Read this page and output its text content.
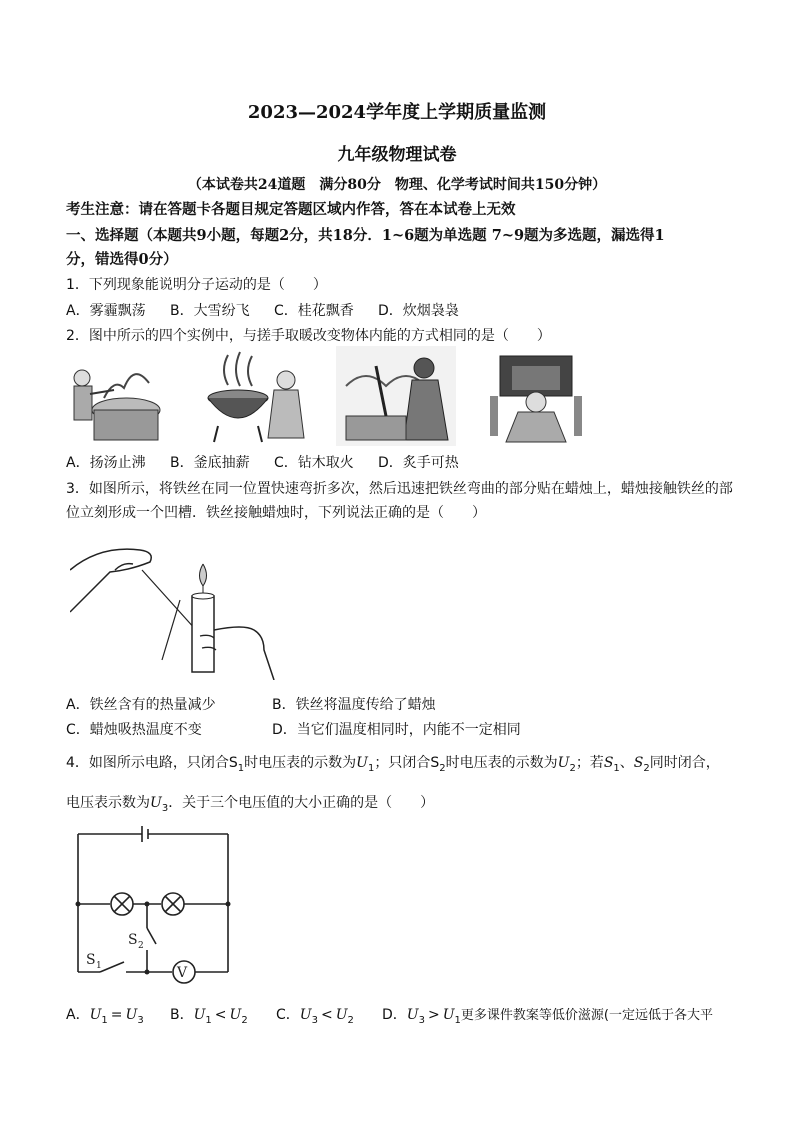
2023—2024学年度上学期质量监测
九年级物理试卷
（本试卷共24道题　满分80分　物理、化学考试时间共150分钟）
考生注意：请在答题卡各题目规定答题区域内作答，答在本试卷上无效
一、选择题（本题共9小题，每题2分，共18分．1~6题为单选题 7~9题为多选题，漏选得1
分，错选得0分）
1．下列现象能说明分子运动的是（　　）
A．雾霾飘荡 B．大雪纷飞 C．桂花飘香 D．炊烟袅袅
2．图中所示的四个实例中，与搓手取暖改变物体内能的方式相同的是（　　）
A．扬汤止沸 B．釜底抽薪 C．钻木取火 D．炙手可热
3．如图所示，将铁丝在同一位置快速弯折多次，然后迅速把铁丝弯曲的部分贴在蜡烛上，蜡烛接触铁丝的部
位立刻形成一个凹槽．铁丝接触蜡烛时，下列说法正确的是（　　）
A．铁丝含有的热量减少	B．铁丝将温度传给了蜡烛
C．蜡烛吸热温度不变	D．当它们温度相同时，内能不一定相同
4．如图所示电路，只闭合$S_1$时电压表的示数为$U_1$；只闭合$S_2$时电压表的示数为$U_2$；若$S_1$、$S_2$同时闭合，
电压表示数为$U_3$．关于三个电压值的大小正确的是（　　）
V
S 2
S 1
A．$U_1 = U_3$ B．$U_1 < U_2$ C．$U_3 < U_2$ D．$U_3 > U_1$更多课件教案等低价滋源(一定远低于各大平
